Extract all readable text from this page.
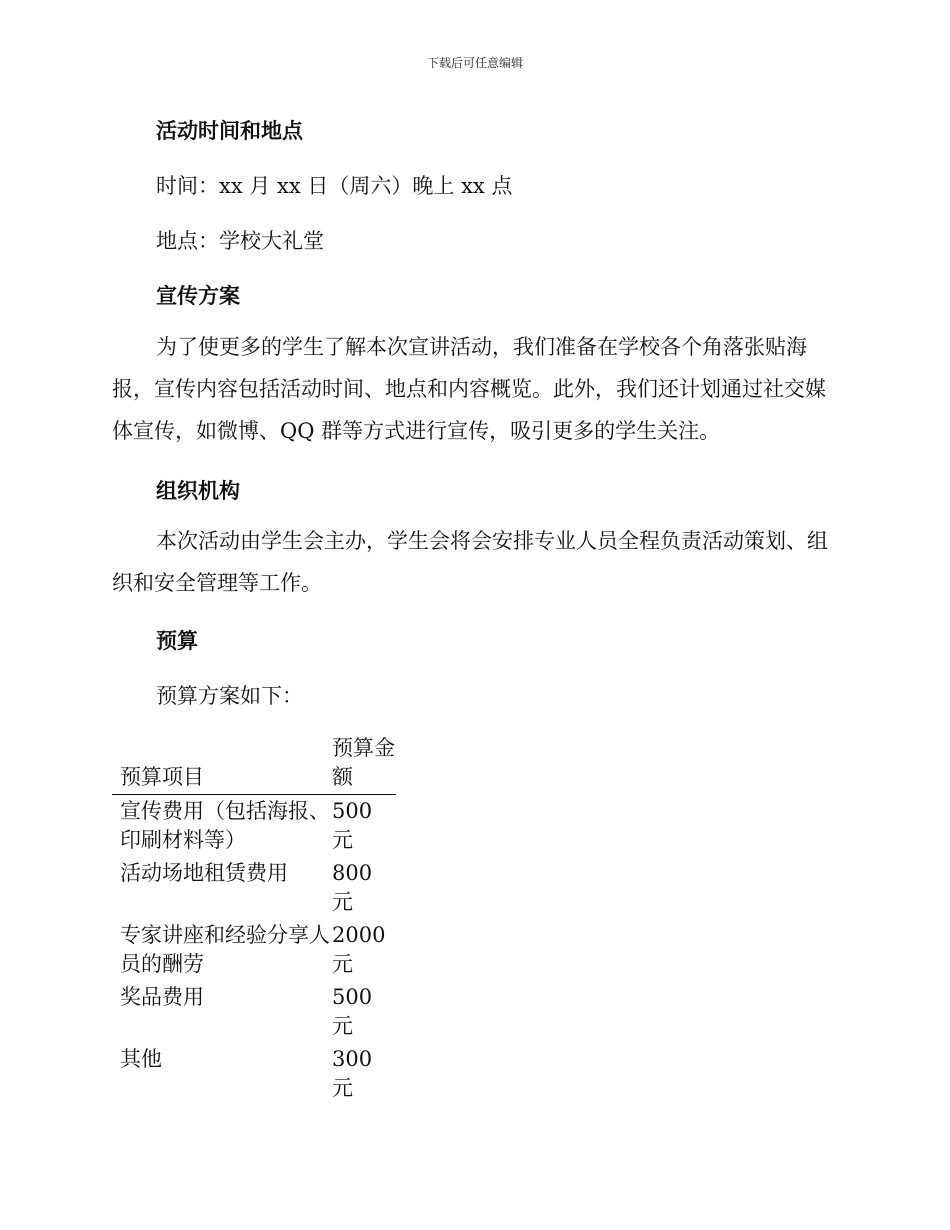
下载后可任意编辑
活动时间和地点
时间：xx 月 xx 日（周六）晚上 xx 点
地点：学校大礼堂
宣传方案
为了使更多的学生了解本次宣讲活动，我们准备在学校各个角落张贴海报，宣传内容包括活动时间、地点和内容概览。此外，我们还计划通过社交媒体宣传，如微博、QQ 群等方式进行宣传，吸引更多的学生关注。
组织机构
本次活动由学生会主办，学生会将会安排专业人员全程负责活动策划、组织和安全管理等工作。
预算
预算方案如下：
预算项目	预算金额
宣传费用（包括海报、印刷材料等）	500 元
活动场地租赁费用	800 元
专家讲座和经验分享人员的酬劳	2000 元
奖品费用	500 元
其他	300 元
